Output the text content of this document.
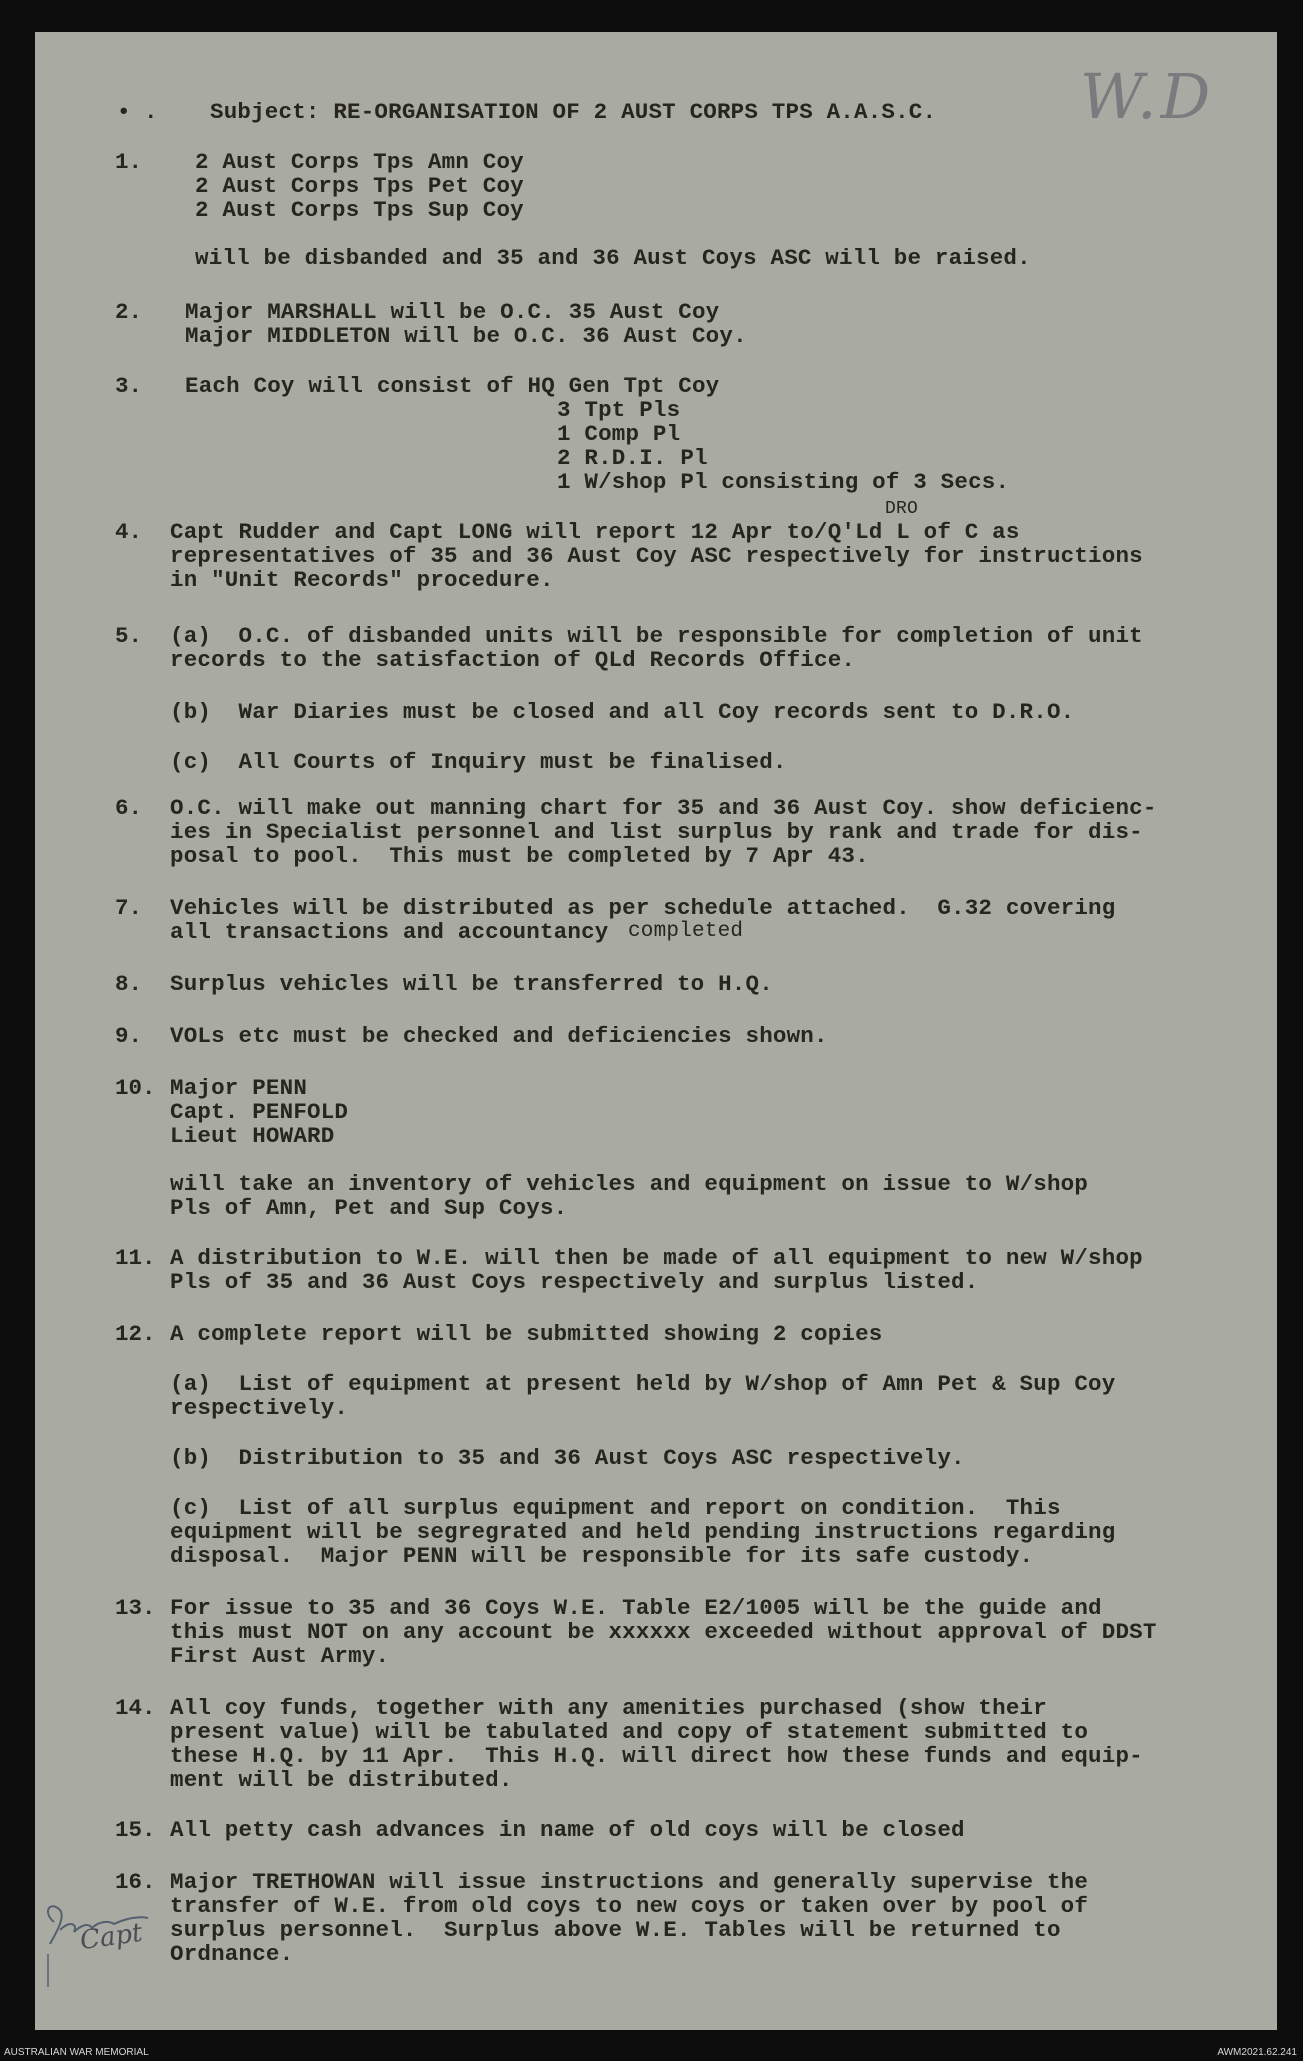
W.D
• . Subject: RE-ORGANISATION OF 2 AUST CORPS TPS A.A.S.C.
1. 2 Aust Corps Tps Amn Coy
2 Aust Corps Tps Pet Coy
2 Aust Corps Tps Sup Coy
will be disbanded and 35 and 36 Aust Coys ASC will be raised.
2. Major MARSHALL will be O.C. 35 Aust Coy
Major MIDDLETON will be O.C. 36 Aust Coy.
3. Each Coy will consist of HQ Gen Tpt Coy
3 Tpt Pls
1 Comp Pl
2 R.D.I. Pl
1 W/shop Pl consisting of 3 Secs.
DRO
4. Capt Rudder and Capt LONG will report 12 Apr to/Q'Ld L of C as
representatives of 35 and 36 Aust Coy ASC respectively for instructions
in "Unit Records" procedure.
5. (a)  O.C. of disbanded units will be responsible for completion of unit
records to the satisfaction of QLd Records Office.
(b)  War Diaries must be closed and all Coy records sent to D.R.O.
(c)  All Courts of Inquiry must be finalised.
6. O.C. will make out manning chart for 35 and 36 Aust Coy. show deficienc-
ies in Specialist personnel and list surplus by rank and trade for dis-
posal to pool.  This must be completed by 7 Apr 43.
7. Vehicles will be distributed as per schedule attached.  G.32 covering
all transactions and accountancy completed
8. Surplus vehicles will be transferred to H.Q.
9. VOLs etc must be checked and deficiencies shown.
10. Major PENN
Capt. PENFOLD
Lieut HOWARD
will take an inventory of vehicles and equipment on issue to W/shop
Pls of Amn, Pet and Sup Coys.
11. A distribution to W.E. will then be made of all equipment to new W/shop
Pls of 35 and 36 Aust Coys respectively and surplus listed.
12. A complete report will be submitted showing 2 copies
(a)  List of equipment at present held by W/shop of Amn Pet & Sup Coy
respectively.
(b)  Distribution to 35 and 36 Aust Coys ASC respectively.
(c)  List of all surplus equipment and report on condition.  This
equipment will be segregrated and held pending instructions regarding
disposal.  Major PENN will be responsible for its safe custody.
13. For issue to 35 and 36 Coys W.E. Table E2/1005 will be the guide and
this must NOT on any account be xxxxxx exceeded without approval of DDST
First Aust Army.
14. All coy funds, together with any amenities purchased (show their
present value) will be tabulated and copy of statement submitted to
these H.Q. by 11 Apr.  This H.Q. will direct how these funds and equip-
ment will be distributed.
15. All petty cash advances in name of old coys will be closed
16. Major TRETHOWAN will issue instructions and generally supervise the
transfer of W.E. from old coys to new coys or taken over by pool of
surplus personnel.  Surplus above W.E. Tables will be returned to
Ordnance.
Capt
AUSTRALIAN WAR MEMORIAL	AWM2021.62.241
